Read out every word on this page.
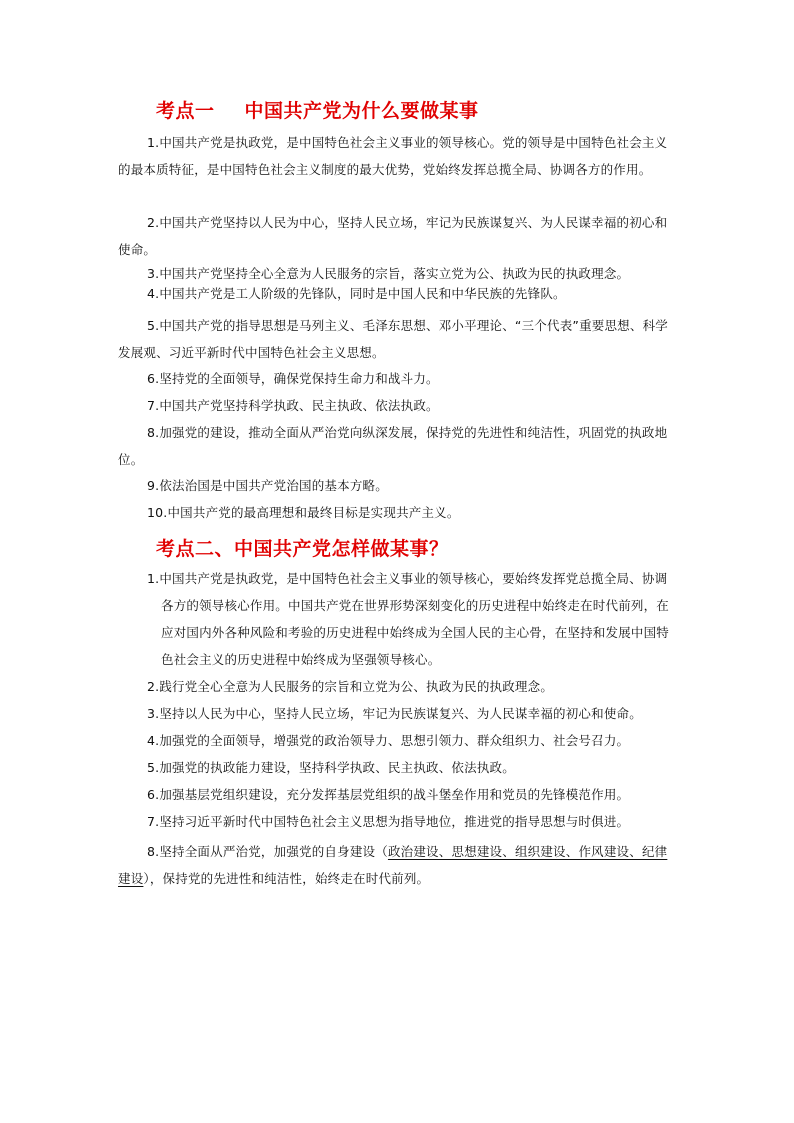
考点一 中国共产党为什么要做某事

1.中国共产党是执政党，是中国特色社会主义事业的领导核心。党的领导是中国特色社会主义的最本质特征，是中国特色社会主义制度的最大优势，党始终发挥总揽全局、协调各方的作用。

2.中国共产党坚持以人民为中心，坚持人民立场，牢记为民族谋复兴、为人民谋幸福的初心和使命。

3.中国共产党坚持全心全意为人民服务的宗旨，落实立党为公、执政为民的执政理念。

4.中国共产党是工人阶级的先锋队，同时是中国人民和中华民族的先锋队。

5.中国共产党的指导思想是马列主义、毛泽东思想、邓小平理论、“三个代表”重要思想、科学发展观、习近平新时代中国特色社会主义思想。

6.坚持党的全面领导，确保党保持生命力和战斗力。

7.中国共产党坚持科学执政、民主执政、依法执政。

8.加强党的建设，推动全面从严治党向纵深发展，保持党的先进性和纯洁性，巩固党的执政地位。

9.依法治国是中国共产党治国的基本方略。

10.中国共产党的最高理想和最终目标是实现共产主义。

考点二、中国共产党怎样做某事？

1.中国共产党是执政党，是中国特色社会主义事业的领导核心，要始终发挥党总揽全局、协调各方的领导核心作用。中国共产党在世界形势深刻变化的历史进程中始终走在时代前列，在应对国内外各种风险和考验的历史进程中始终成为全国人民的主心骨，在坚持和发展中国特色社会主义的历史进程中始终成为坚强领导核心。

2.践行党全心全意为人民服务的宗旨和立党为公、执政为民的执政理念。

3.坚持以人民为中心，坚持人民立场，牢记为民族谋复兴、为人民谋幸福的初心和使命。

4.加强党的全面领导，增强党的政治领导力、思想引领力、群众组织力、社会号召力。

5.加强党的执政能力建设，坚持科学执政、民主执政、依法执政。

6.加强基层党组织建设，充分发挥基层党组织的战斗堡垒作用和党员的先锋模范作用。

7.坚持习近平新时代中国特色社会主义思想为指导地位，推进党的指导思想与时俱进。

8.坚持全面从严治党，加强党的自身建设（政治建设、思想建设、组织建设、作风建设、纪律建设），保持党的先进性和纯洁性，始终走在时代前列。
